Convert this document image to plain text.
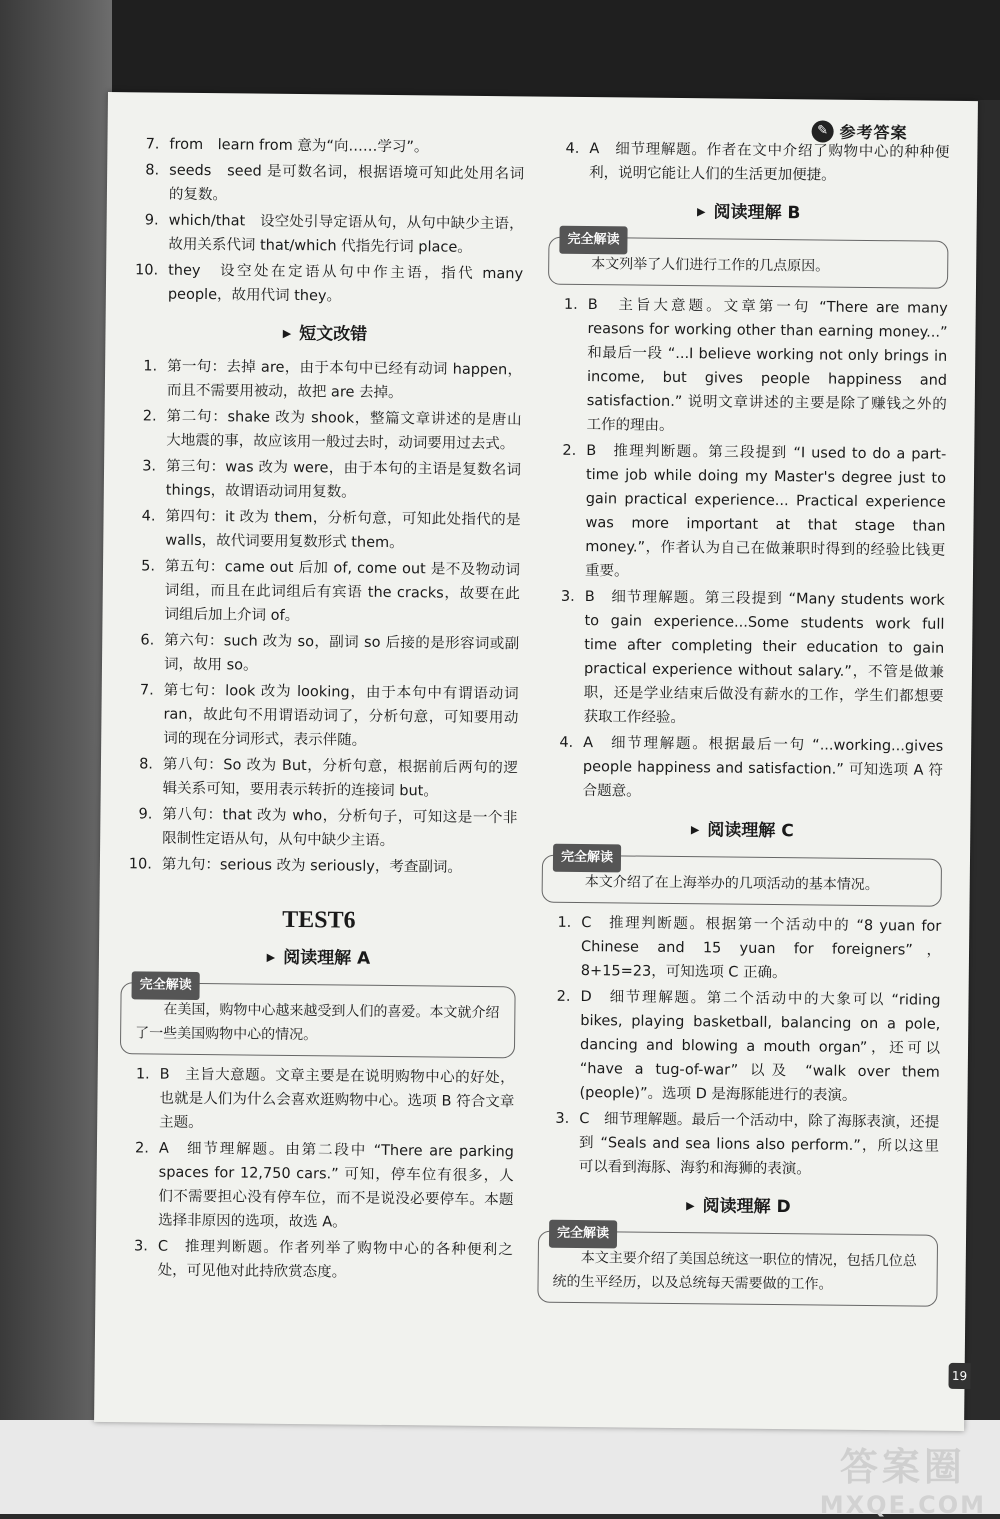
✎ 参考答案
7. from　learn from 意为“向……学习”。
8. seeds　seed 是可数名词，根据语境可知此处用名词的复数。
9. which/that　设空处引导定语从句，从句中缺少主语，故用关系代词 that/which 代指先行词 place。
10. they　设空处在定语从句中作主语，指代 many people，故用代词 they。
▶ 短文改错
1. 第一句：去掉 are，由于本句中已经有动词 happen，而且不需要用被动，故把 are 去掉。
2. 第二句：shake 改为 shook，整篇文章讲述的是唐山大地震的事，故应该用一般过去时，动词要用过去式。
3. 第三句：was 改为 were，由于本句的主语是复数名词 things，故谓语动词用复数。
4. 第四句：it 改为 them，分析句意，可知此处指代的是 walls，故代词要用复数形式 them。
5. 第五句：came out 后加 of, come out 是不及物动词词组，而且在此词组后有宾语 the cracks，故要在此词组后加上介词 of。
6. 第六句：such 改为 so，副词 so 后接的是形容词或副词，故用 so。
7. 第七句：look 改为 looking，由于本句中有谓语动词 ran，故此句不用谓语动词了，分析句意，可知要用动词的现在分词形式，表示伴随。
8. 第八句：So 改为 But，分析句意，根据前后两句的逻辑关系可知，要用表示转折的连接词 but。
9. 第八句：that 改为 who，分析句子，可知这是一个非限制性定语从句，从句中缺少主语。
10. 第九句：serious 改为 seriously，考查副词。
TEST6
▶ 阅读理解 A
完全解读
在美国，购物中心越来越受到人们的喜爱。本文就介绍了一些美国购物中心的情况。
1. B　主旨大意题。文章主要是在说明购物中心的好处，也就是人们为什么会喜欢逛购物中心。选项 B 符合文章主题。
2. A　细节理解题。由第二段中 “There are parking spaces for 12,750 cars.” 可知，停车位有很多，人们不需要担心没有停车位，而不是说没必要停车。本题选择非原因的选项，故选 A。
3. C　推理判断题。作者列举了购物中心的各种便利之处，可见他对此持欣赏态度。
4. A　细节理解题。作者在文中介绍了购物中心的种种便利，说明它能让人们的生活更加便捷。
▶ 阅读理解 B
完全解读
本文列举了人们进行工作的几点原因。
1. B　主旨大意题。文章第一句 “There are many reasons for working other than earning money...” 和最后一段 “...I believe working not only brings in income, but gives people happiness and satisfaction.” 说明文章讲述的主要是除了赚钱之外的工作的理由。
2. B　推理判断题。第三段提到 “I used to do a part-time job while doing my Master's degree just to gain practical experience... Practical experience was more important at that stage than money.”，作者认为自己在做兼职时得到的经验比钱更重要。
3. B　细节理解题。第三段提到 “Many students work to gain experience...Some students work full time after completing their education to gain practical experience without salary.”，不管是做兼职，还是学业结束后做没有薪水的工作，学生们都想要获取工作经验。
4. A　细节理解题。根据最后一句 “...working...gives people happiness and satisfaction.” 可知选项 A 符合题意。
▶ 阅读理解 C
完全解读
本文介绍了在上海举办的几项活动的基本情况。
1. C　推理判断题。根据第一个活动中的 “8 yuan for Chinese and 15 yuan for foreigners”，8+15=23，可知选项 C 正确。
2. D　细节理解题。第二个活动中的大象可以 “riding bikes, playing basketball, balancing on a pole, dancing and blowing a mouth organ”，还可以 “have a tug-of-war” 以及 “walk over them (people)”。选项 D 是海豚能进行的表演。
3. C　细节理解题。最后一个活动中，除了海豚表演，还提到 “Seals and sea lions also perform.”，所以这里可以看到海豚、海豹和海狮的表演。
▶ 阅读理解 D
完全解读
本文主要介绍了美国总统这一职位的情况，包括几位总统的生平经历，以及总统每天需要做的工作。
19
答案圈
MXQE.COM
